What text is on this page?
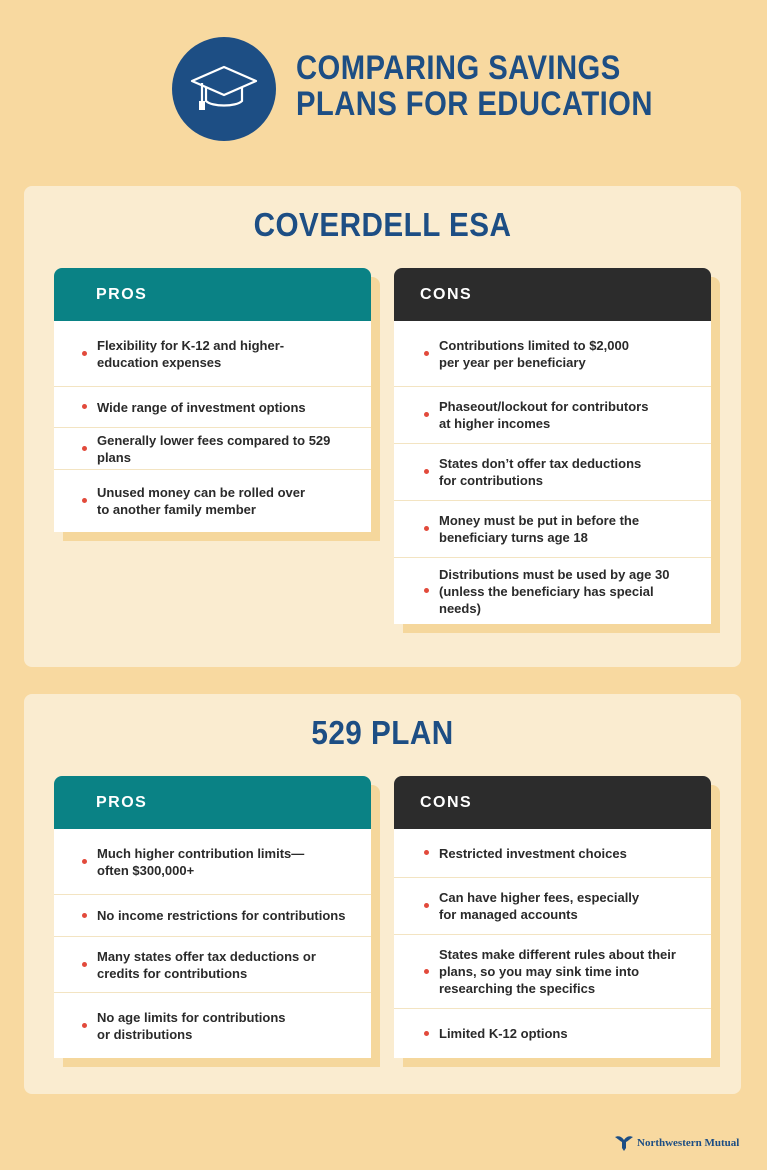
COMPARING SAVINGS
PLANS FOR EDUCATION
COVERDELL ESA
PROS
Flexibility for K-12 and higher-
education expenses
Wide range of investment options
Generally lower fees compared to 529 plans
Unused money can be rolled over
to another family member
CONS
Contributions limited to $2,000
per year per beneficiary
Phaseout/lockout for contributors
at higher incomes
States don’t offer tax deductions
for contributions
Money must be put in before the
beneficiary turns age 18
Distributions must be used by age 30
(unless the beneficiary has special needs)
529 PLAN
PROS
Much higher contribution limits—
often $300,000+
No income restrictions for contributions
Many states offer tax deductions or
credits for contributions
No age limits for contributions
or distributions
CONS
Restricted investment choices
Can have higher fees, especially
for managed accounts
States make different rules about their
plans, so you may sink time into
researching the specifics
Limited K-12 options
Northwestern Mutual
